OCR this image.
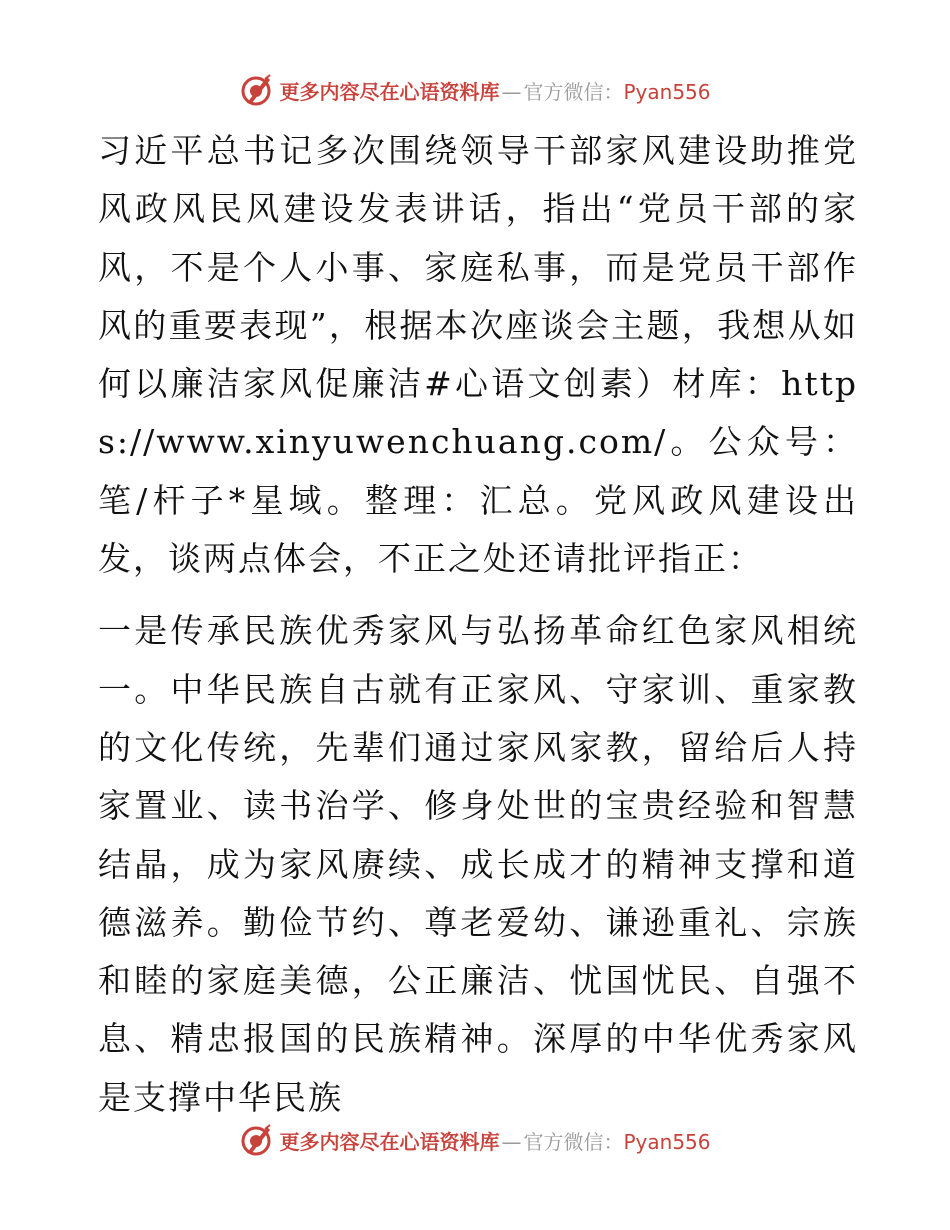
更多内容尽在心语资料库 — 官方微信： Pyan556

习近平总书记多次围绕领导干部家风建设助推党风政风民风建设发表讲话，指出“党员干部的家风，不是个人小事、家庭私事，而是党员干部作风的重要表现”，根据本次座谈会主题，我想从如何以廉洁家风促廉洁#心语文创素）材库：https://www.xinyuwenchuang.com/。公众号：笔/杆子*星域。整理：汇总。党风政风建设出发，谈两点体会，不正之处还请批评指正：

一是传承民族优秀家风与弘扬革命红色家风相统一。中华民族自古就有正家风、守家训、重家教的文化传统，先辈们通过家风家教，留给后人持家置业、读书治学、修身处世的宝贵经验和智慧结晶，成为家风赓续、成长成才的精神支撑和道德滋养。勤俭节约、尊老爱幼、谦逊重礼、宗族和睦的家庭美德，公正廉洁、忧国忧民、自强不息、精忠报国的民族精神。深厚的中华优秀家风是支撑中华民族

更多内容尽在心语资料库 — 官方微信： Pyan556
